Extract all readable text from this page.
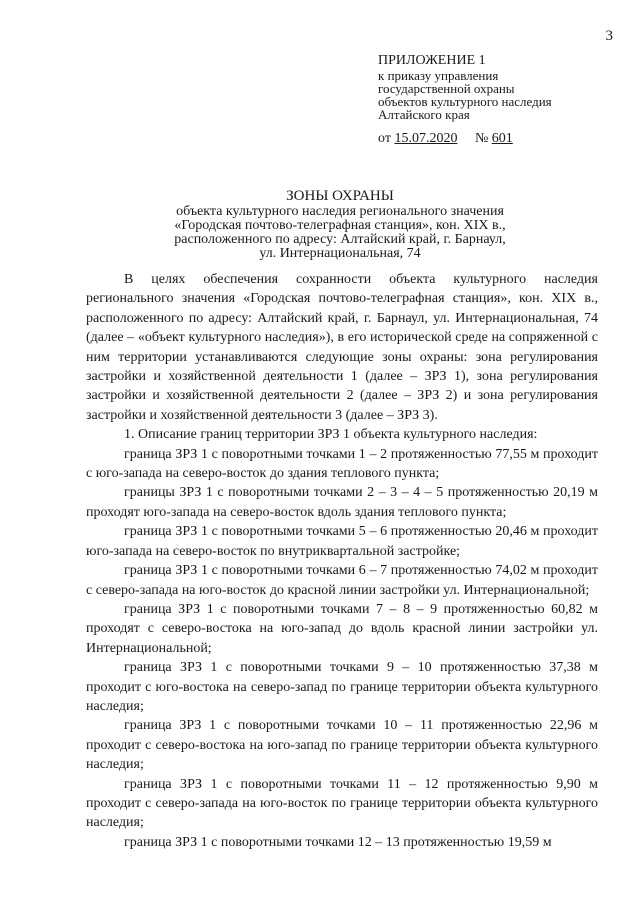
3
ПРИЛОЖЕНИЕ 1
к приказу управления
государственной охраны
объектов культурного наследия
Алтайского края
от 15.07.2020 № 601
ЗОНЫ ОХРАНЫ
объекта культурного наследия регионального значения
«Городская почтово-телеграфная станция», кон. XIX в.,
расположенного по адресу: Алтайский край, г. Барнаул,
ул. Интернациональная, 74

В целях обеспечения сохранности объекта культурного наследия регионального значения «Городская почтово-телеграфная станция», кон. XIX в., расположенного по адресу: Алтайский край, г. Барнаул, ул. Интернациональная, 74 (далее – «объект культурного наследия»), в его исторической среде на сопряженной с ним территории устанавливаются следующие зоны охраны: зона регулирования застройки и хозяйственной деятельности 1 (далее – ЗРЗ 1), зона регулирования застройки и хозяйственной деятельности 2 (далее – ЗРЗ 2) и зона регулирования застройки и хозяйственной деятельности 3 (далее – ЗРЗ 3).

1. Описание границ территории ЗРЗ 1 объекта культурного наследия:

граница ЗРЗ 1 с поворотными точками 1 – 2 протяженностью 77,55 м проходит с юго-запада на северо-восток до здания теплового пункта;

границы ЗРЗ 1 с поворотными точками 2 – 3 – 4 – 5 протяженностью 20,19 м проходят юго-запада на северо-восток вдоль здания теплового пункта;

граница ЗРЗ 1 с поворотными точками 5 – 6 протяженностью 20,46 м проходит юго-запада на северо-восток по внутриквартальной застройке;

граница ЗРЗ 1 с поворотными точками 6 – 7 протяженностью 74,02 м проходит с северо-запада на юго-восток до красной линии застройки ул. Интернациональной;

граница ЗРЗ 1 с поворотными точками 7 – 8 – 9 протяженностью 60,82 м проходят с северо-востока на юго-запад до вдоль красной линии застройки ул. Интернациональной;

граница ЗРЗ 1 с поворотными точками 9 – 10 протяженностью 37,38 м проходит с юго-востока на северо-запад по границе территории объекта культурного наследия;

граница ЗРЗ 1 с поворотными точками 10 – 11 протяженностью 22,96 м проходит с северо-востока на юго-запад по границе территории объекта культурного наследия;

граница ЗРЗ 1 с поворотными точками 11 – 12 протяженностью 9,90 м проходит с северо-запада на юго-восток по границе территории объекта культурного наследия;

граница ЗРЗ 1 с поворотными точками 12 – 13 протяженностью 19,59 м
